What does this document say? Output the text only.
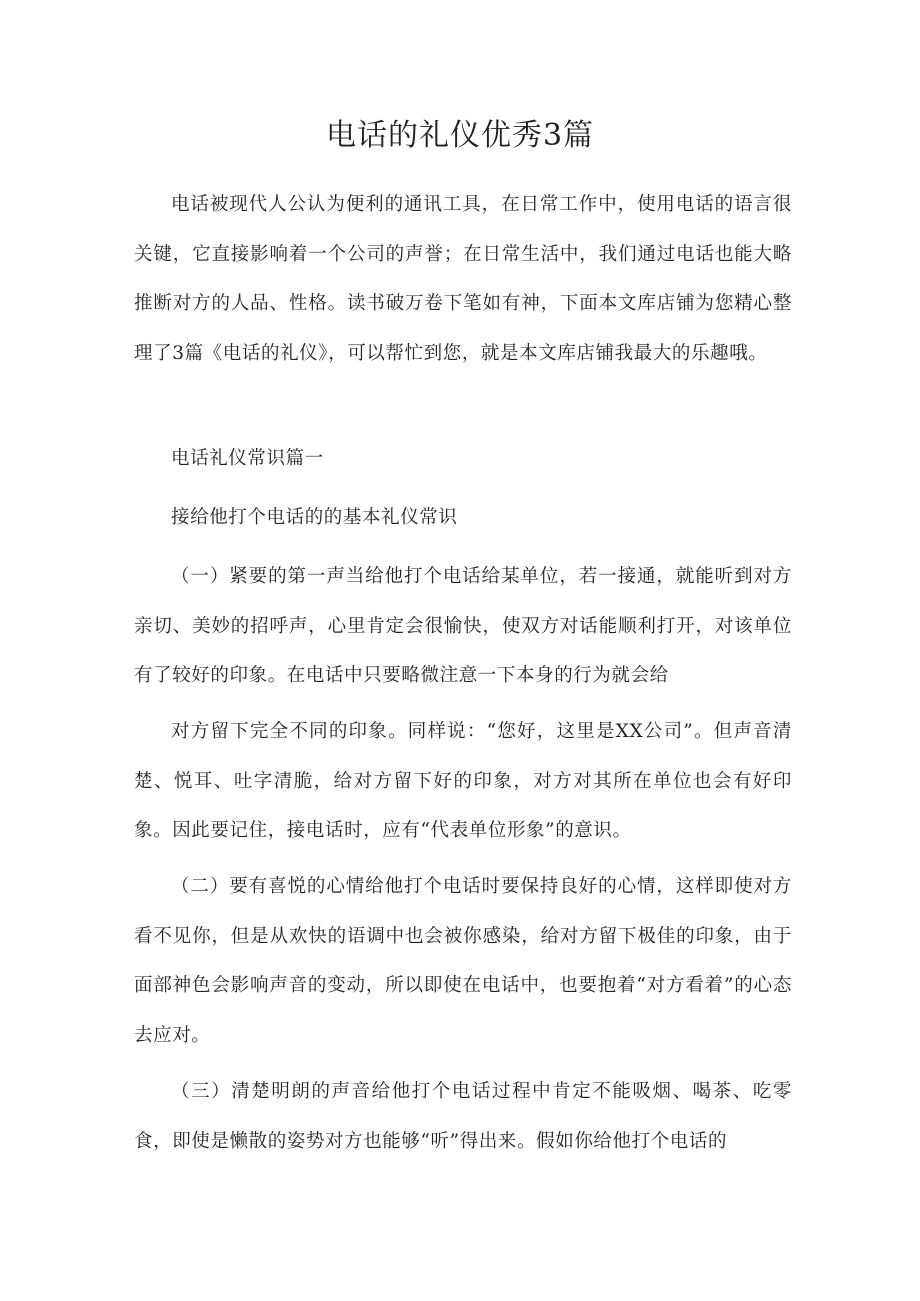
电话的礼仪优秀3篇

电话被现代人公认为便利的通讯工具，在日常工作中，使用电话的语言很关键，它直接影响着一个公司的声誉；在日常生活中，我们通过电话也能大略推断对方的人品、性格。读书破万卷下笔如有神，下面本文库店铺为您精心整理了3篇《电话的礼仪》，可以帮忙到您，就是本文库店铺我最大的乐趣哦。

电话礼仪常识篇一

接给他打个电话的的基本礼仪常识

（一）紧要的第一声当给他打个电话给某单位，若一接通，就能听到对方亲切、美妙的招呼声，心里肯定会很愉快，使双方对话能顺利打开，对该单位有了较好的印象。在电话中只要略微注意一下本身的行为就会给

对方留下完全不同的印象。同样说：“您好，这里是XX公司”。但声音清楚、悦耳、吐字清脆，给对方留下好的印象，对方对其所在单位也会有好印象。因此要记住，接电话时，应有“代表单位形象”的意识。

（二）要有喜悦的心情给他打个电话时要保持良好的心情，这样即使对方看不见你，但是从欢快的语调中也会被你感染，给对方留下极佳的印象，由于面部神色会影响声音的变动，所以即使在电话中，也要抱着“对方看着”的心态去应对。

（三）清楚明朗的声音给他打个电话过程中肯定不能吸烟、喝茶、吃零食，即使是懒散的姿势对方也能够“听”得出来。假如你给他打个电话的
